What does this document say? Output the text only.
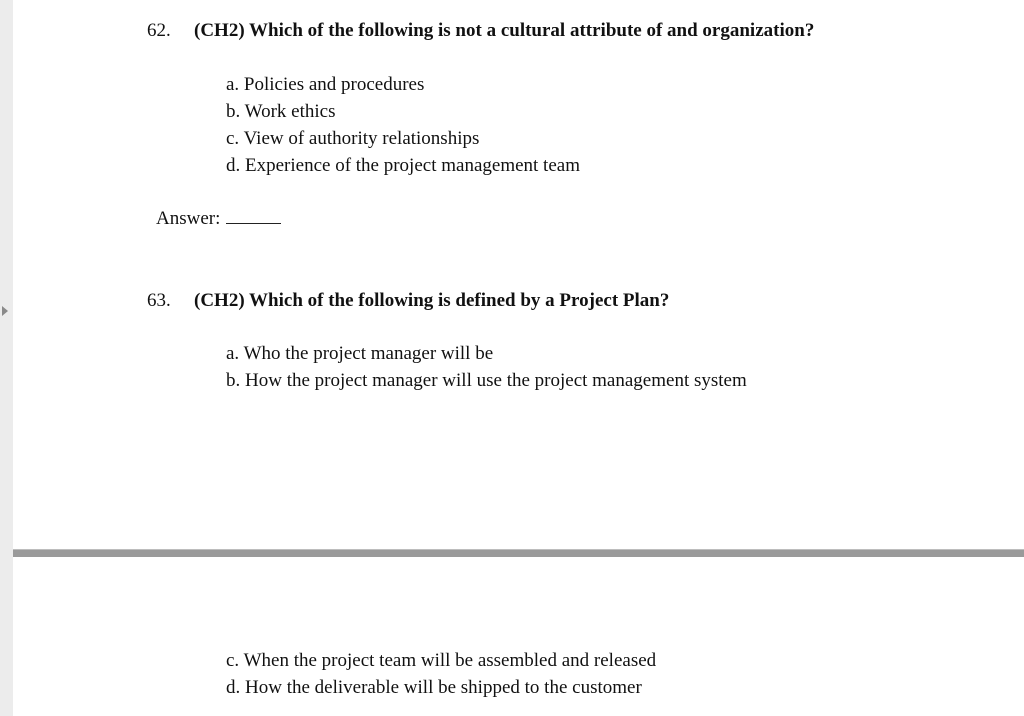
62. (CH2) Which of the following is not a cultural attribute of and organization?
a. Policies and procedures
b. Work ethics
c. View of authority relationships
d. Experience of the project management team
Answer:
63. (CH2) Which of the following is defined by a Project Plan?
a. Who the project manager will be
b. How the project manager will use the project management system
c. When the project team will be assembled and released
d. How the deliverable will be shipped to the customer
